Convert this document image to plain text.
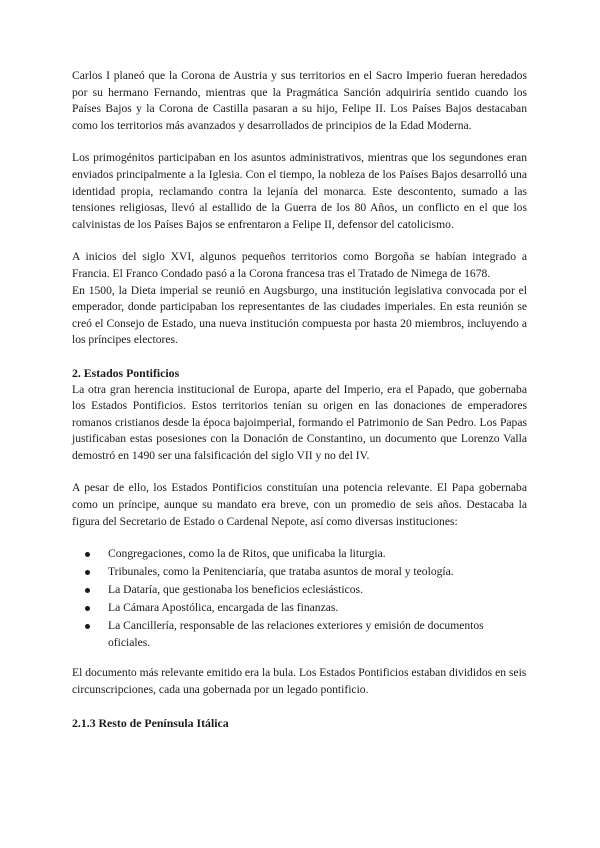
Carlos I planeó que la Corona de Austria y sus territorios en el Sacro Imperio fueran heredados por su hermano Fernando, mientras que la Pragmática Sanción adquiriría sentido cuando los Países Bajos y la Corona de Castilla pasaran a su hijo, Felipe II. Los Países Bajos destacaban como los territorios más avanzados y desarrollados de principios de la Edad Moderna.

Los primogénitos participaban en los asuntos administrativos, mientras que los segundones eran enviados principalmente a la Iglesia. Con el tiempo, la nobleza de los Países Bajos desarrolló una identidad propia, reclamando contra la lejanía del monarca. Este descontento, sumado a las tensiones religiosas, llevó al estallido de la Guerra de los 80 Años, un conflicto en el que los calvinistas de los Países Bajos se enfrentaron a Felipe II, defensor del catolicismo.

A inicios del siglo XVI, algunos pequeños territorios como Borgoña se habían integrado a Francia. El Franco Condado pasó a la Corona francesa tras el Tratado de Nimega de 1678.

En 1500, la Dieta imperial se reunió en Augsburgo, una institución legislativa convocada por el emperador, donde participaban los representantes de las ciudades imperiales. En esta reunión se creó el Consejo de Estado, una nueva institución compuesta por hasta 20 miembros, incluyendo a los príncipes electores.

2. Estados Pontificios

La otra gran herencia institucional de Europa, aparte del Imperio, era el Papado, que gobernaba los Estados Pontificios. Estos territorios tenían su origen en las donaciones de emperadores romanos cristianos desde la época bajoimperial, formando el Patrimonio de San Pedro. Los Papas justificaban estas posesiones con la Donación de Constantino, un documento que Lorenzo Valla demostró en 1490 ser una falsificación del siglo VII y no del IV.

A pesar de ello, los Estados Pontificios constituían una potencia relevante. El Papa gobernaba como un príncipe, aunque su mandato era breve, con un promedio de seis años. Destacaba la figura del Secretario de Estado o Cardenal Nepote, así como diversas instituciones:

Congregaciones, como la de Ritos, que unificaba la liturgia.
Tribunales, como la Penitenciaría, que trataba asuntos de moral y teología.
La Dataría, que gestionaba los beneficios eclesiásticos.
La Cámara Apostólica, encargada de las finanzas.
La Cancillería, responsable de las relaciones exteriores y emisión de documentos oficiales.

El documento más relevante emitido era la bula. Los Estados Pontificios estaban divididos en seis circunscripciones, cada una gobernada por un legado pontificio.

2.1.3 Resto de Península Itálica
